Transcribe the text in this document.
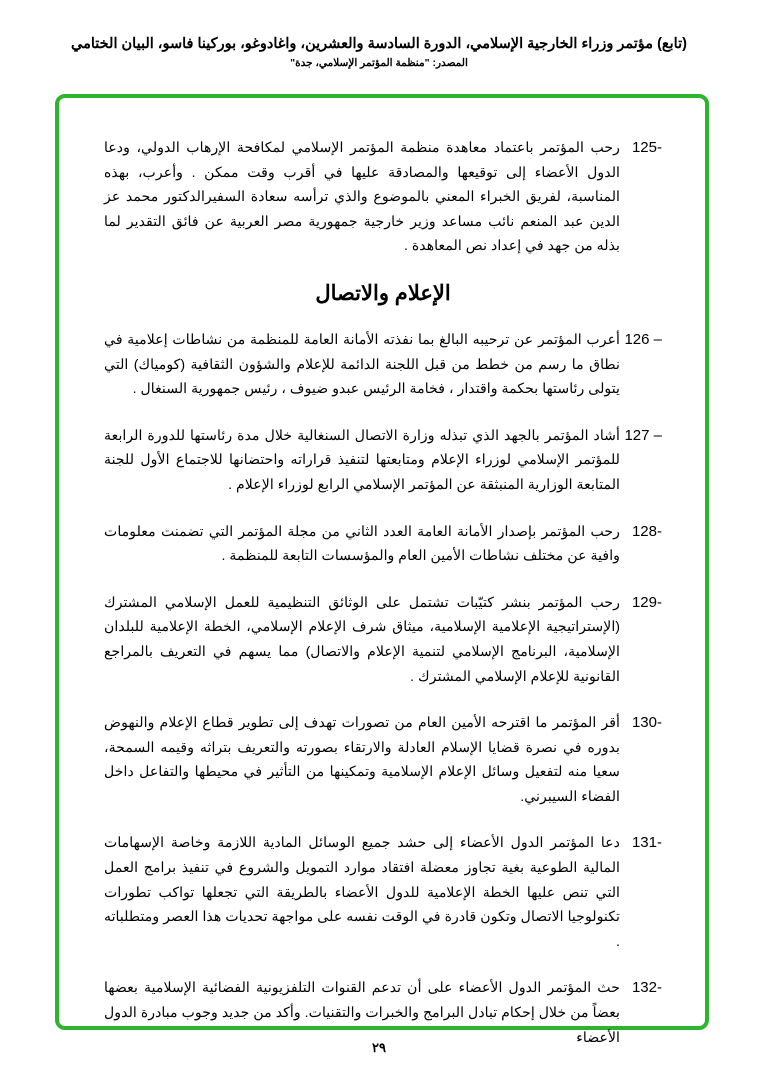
(تابع) مؤتمر وزراء الخارجية الإسلامي، الدورة السادسة والعشرين، واغادوغو، بوركينا فاسو، البيان الختامي
المصدر: "منظمة المؤتمر الإسلامي، جدة"

125-رحب المؤتمر باعتماد معاهدة منظمة المؤتمر الإسلامي لمكافحة الإرهاب الدولي، ودعا الدول الأعضاء إلى توقيعها والمصادقة عليها في أقرب وقت ممكن . وأعرب، بهذه المناسبة، لفريق الخبراء المعني بالموضوع والذي ترأسه سعادة السفيرالدكتور محمد عز الدين عبد المنعم نائب مساعد وزير خارجية جمهورية مصر العربية عن فائق التقدير لما بذله من جهد في إعداد نص المعاهدة .

الإعلام والاتصال

126 –أعرب المؤتمر عن ترحيبه البالغ بما نفذته الأمانة العامة للمنظمة من نشاطات إعلامية في نطاق ما رسم من خطط من قبل اللجنة الدائمة للإعلام والشؤون الثقافية (كومياك) التي يتولى رئاستها بحكمة واقتدار ، فخامة الرئيس عبدو ضيوف ، رئيس جمهورية السنغال .

127 –أشاد المؤتمر بالجهد الذي تبذله وزارة الاتصال السنغالية خلال مدة رئاستها للدورة الرابعة للمؤتمر الإسلامي لوزراء الإعلام ومتابعتها لتنفيذ قراراته واحتضانها للاجتماع الأول للجنة المتابعة الوزارية المنبثقة عن المؤتمر الإسلامي الرابع لوزراء الإعلام .

128-رحب المؤتمر بإصدار الأمانة العامة العدد الثاني من مجلة المؤتمر التي تضمنت معلومات وافية عن مختلف نشاطات الأمين العام والمؤسسات التابعة للمنظمة .

129-رحب المؤتمر بنشر كتيّبات تشتمل على الوثائق التنظيمية للعمل الإسلامي المشترك (الإستراتيجية الإعلامية الإسلامية، ميثاق شرف الإعلام الإسلامي، الخطة الإعلامية للبلدان الإسلامية، البرنامج الإسلامي لتنمية الإعلام والاتصال) مما يسهم في التعريف بالمراجع القانونية للإعلام الإسلامي المشترك .

130-أقر المؤتمر ما اقترحه الأمين العام من تصورات تهدف إلى تطوير قطاع الإعلام والنهوض بدوره في نصرة قضايا الإسلام العادلة والارتقاء بصورته والتعريف بتراثه وقيمه السمحة، سعيا منه لتفعيل وسائل الإعلام الإسلامية وتمكينها من التأثير في محيطها والتفاعل داخل الفضاء السيبرني.

131-دعا المؤتمر الدول الأعضاء إلى حشد جميع الوسائل المادية اللازمة وخاصة الإسهامات المالية الطوعية بغية تجاوز معضلة افتقاد موارد التمويل والشروع في تنفيذ برامج العمل التي تنص عليها الخطة الإعلامية للدول الأعضاء بالطريقة التي تجعلها تواكب تطورات تكنولوجيا الاتصال وتكون قادرة في الوقت نفسه على مواجهة تحديات هذا العصر ومتطلباته .

132-حث المؤتمر الدول الأعضاء على أن تدعم القنوات التلفزيونية الفضائية الإسلامية بعضها بعضاً من خلال إحكام تبادل البرامج والخبرات والتقنيات. وأكد من جديد وجوب مبادرة الدول الأعضاء

٢٩
